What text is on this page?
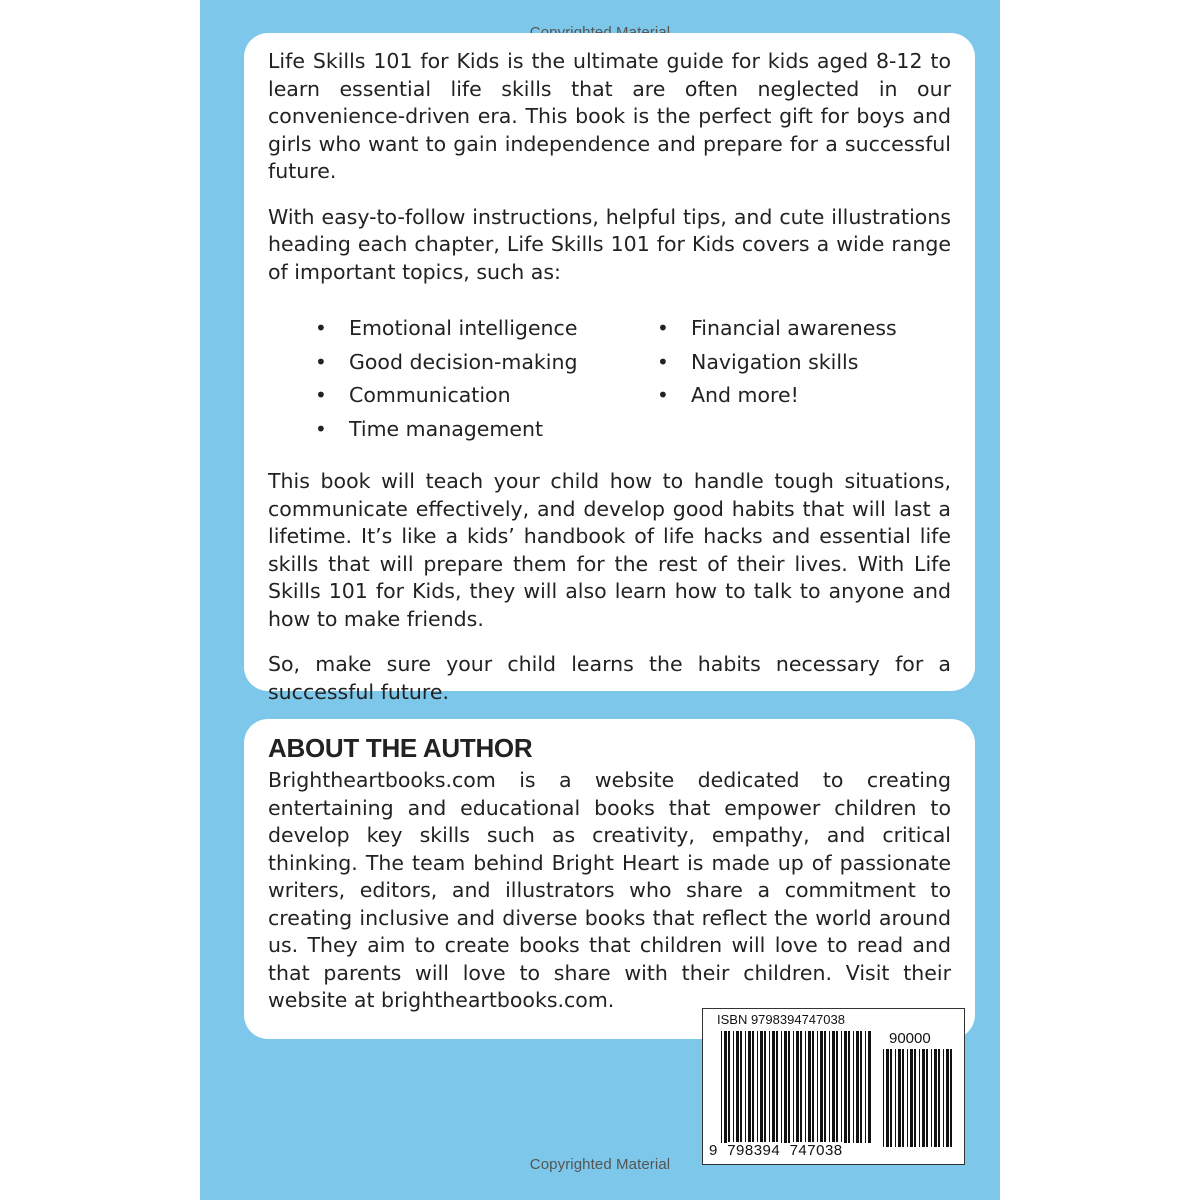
Life Skills 101 for Kids is the ultimate guide for kids aged 8-12 to learn essential life skills that are often neglected in our convenience-driven era. This book is the perfect gift for boys and girls who want to gain independence and prepare for a successful future.

With easy-to-follow instructions, helpful tips, and cute illustrations heading each chapter, Life Skills 101 for Kids covers a wide range of important topics, such as:

•	Emotional intelligence	•	Financial awareness
•	Good decision-making	•	Navigation skills
•	Communication	•	And more!
•	Time management

This book will teach your child how to handle tough situations, communicate effectively, and develop good habits that will last a lifetime. It’s like a kids’ handbook of life hacks and essential life skills that will prepare them for the rest of their lives. With Life Skills 101 for Kids, they will also learn how to talk to anyone and how to make friends.

So, make sure your child learns the habits necessary for a successful future.

ABOUT THE AUTHOR

Brightheartbooks.com is a website dedicated to creating entertaining and educational books that empower children to develop key skills such as creativity, empathy, and critical thinking. The team behind Bright Heart is made up of passionate writers, editors, and illustrators who share a commitment to creating inclusive and diverse books that reflect the world around us. They aim to create books that children will love to read and that parents will love to share with their children. Visit their website at brightheartbooks.com.

ISBN 9798394747038
90000
9 798394 747038
Copyrighted Material
